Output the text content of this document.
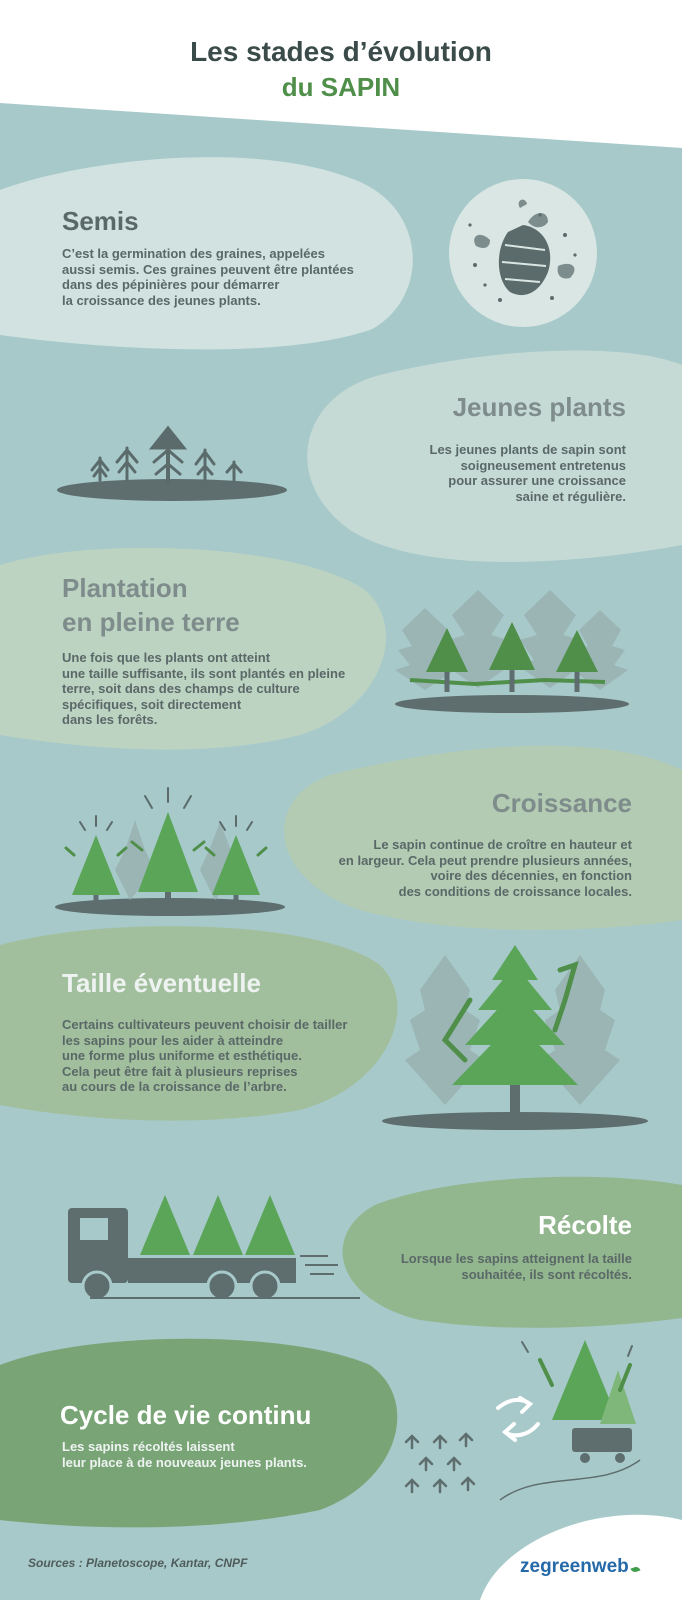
Les stades d’évolution
du SAPIN
Semis
C’est la germination des graines, appelées
aussi semis. Ces graines peuvent être plantées
dans des pépinières pour démarrer
la croissance des jeunes plants.
Jeunes plants
Les jeunes plants de sapin sont
soigneusement entretenus
pour assurer une croissance
saine et régulière.
Plantation
en pleine terre
Une fois que les plants ont atteint
une taille suffisante, ils sont plantés en pleine
terre, soit dans des champs de culture
spécifiques, soit directement
dans les forêts.
Croissance
Le sapin continue de croître en hauteur et
en largeur. Cela peut prendre plusieurs années,
voire des décennies, en fonction
des conditions de croissance locales.
Taille éventuelle
Certains cultivateurs peuvent choisir de tailler
les sapins pour les aider à atteindre
une forme plus uniforme et esthétique.
Cela peut être fait à plusieurs reprises
au cours de la croissance de l’arbre.
Récolte
Lorsque les sapins atteignent la taille
souhaitée, ils sont récoltés.
Cycle de vie continu
Les sapins récoltés laissent
leur place à de nouveaux jeunes plants.
Sources : Planetoscope, Kantar, CNPF	zegreenweb
